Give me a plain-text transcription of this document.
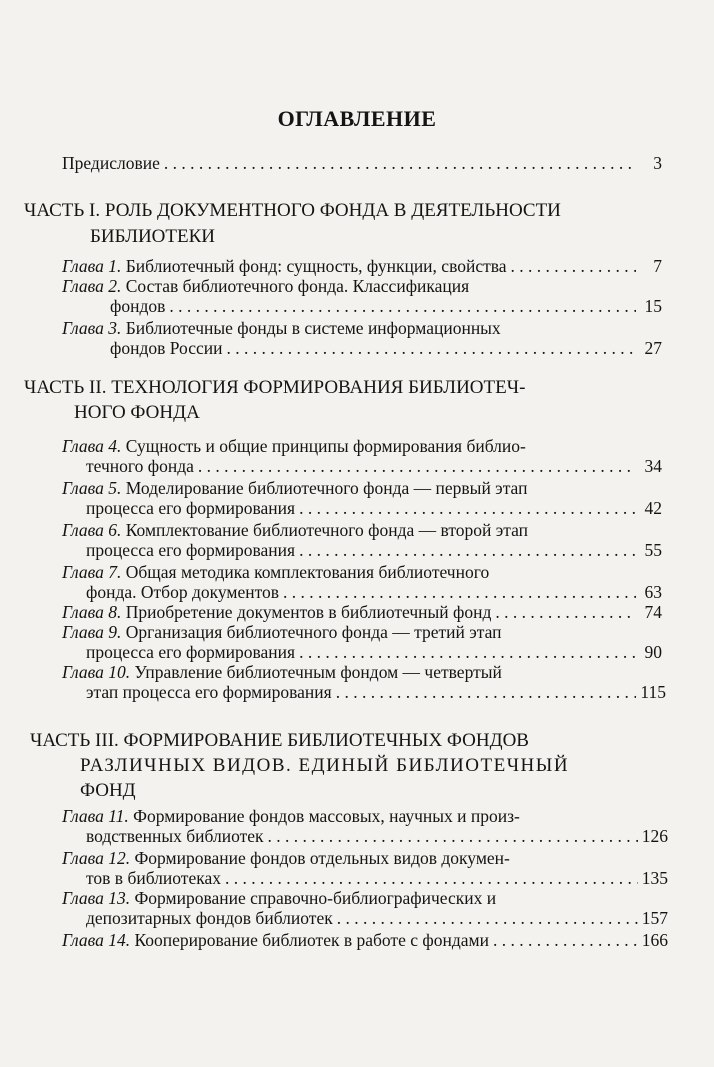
ОГЛАВЛЕНИЕ
Предисловие . . .	3
ЧАСТЬ I. РОЛЬ ДОКУМЕНТНОГО ФОНДА В ДЕЯТЕЛЬНОСТИ
БИБЛИОТЕКИ
Глава 1. Библиотечный фонд: сущность, функции, свойства . . .	7
Глава 2. Состав библиотечного фонда. Классификация
фондов . . .	15
Глава 3. Библиотечные фонды в системе информационных
фондов России . . .	27
ЧАСТЬ II. ТЕХНОЛОГИЯ ФОРМИРОВАНИЯ БИБЛИОТЕЧ-
НОГО ФОНДА
Глава 4. Сущность и общие принципы формирования библио-
течного фонда . . .	34
Глава 5. Моделирование библиотечного фонда — первый этап
процесса его формирования . . .	42
Глава 6. Комплектование библиотечного фонда — второй этап
процесса его формирования . . .	55
Глава 7. Общая методика комплектования библиотечного
фонда. Отбор документов . . .	63
Глава 8. Приобретение документов в библиотечный фонд . . .	74
Глава 9. Организация библиотечного фонда — третий этап
процесса его формирования . . .	90
Глава 10. Управление библиотечным фондом — четвертый
этап процесса его формирования . . .	115
ЧАСТЬ III. ФОРМИРОВАНИЕ БИБЛИОТЕЧНЫХ ФОНДОВ
РАЗЛИЧНЫХ ВИДОВ. ЕДИНЫЙ БИБЛИОТЕЧНЫЙ
ФОНД
Глава 11. Формирование фондов массовых, научных и произ-
водственных библиотек . . .	126
Глава 12. Формирование фондов отдельных видов докумен-
тов в библиотеках . . .	135
Глава 13. Формирование справочно-библиографических и
депозитарных фондов библиотек . . .	157
Глава 14. Кооперирование библиотек в работе с фондами . . .	166
